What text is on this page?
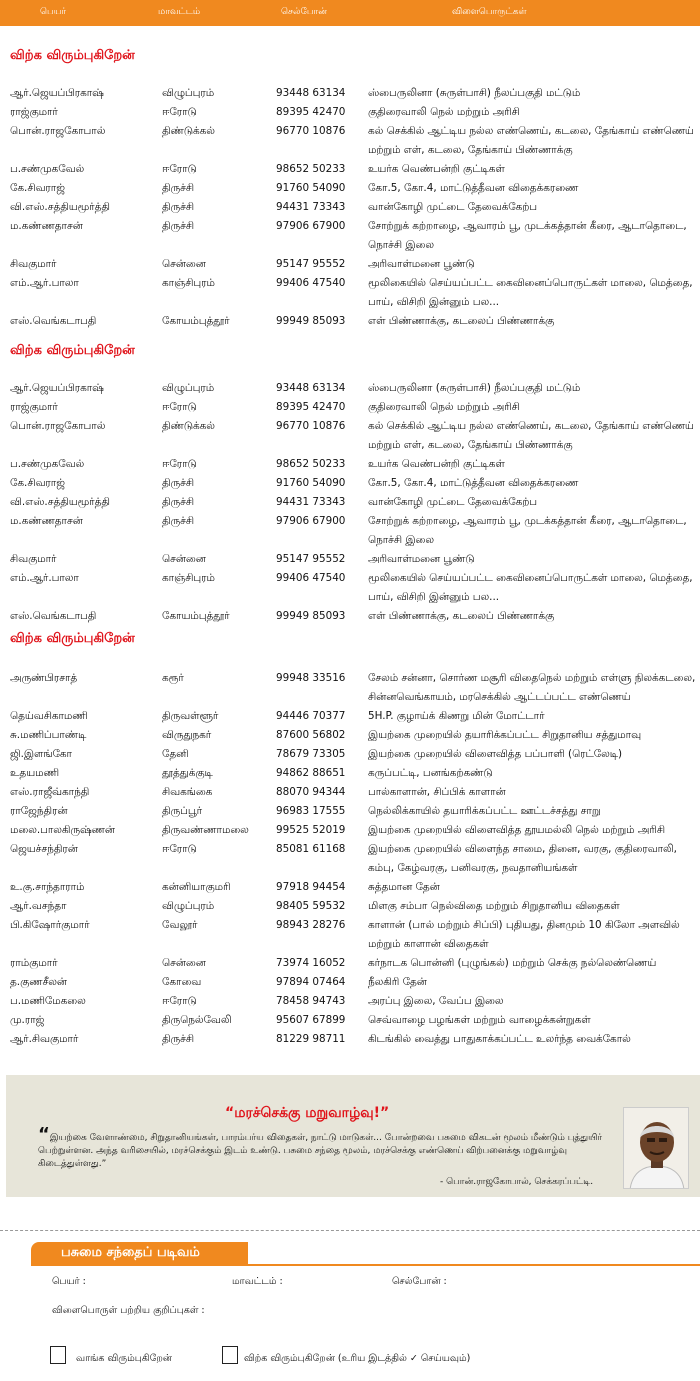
பெயர்	மாவட்டம்	செல்போன்	விளைபொருட்கள்
விற்க விரும்புகிறேன்
ஆர்.ஜெயப்பிரகாஷ்	விழுப்புரம்	93448 63134 ஸ்பைருலினா (சுருள்பாசி) நீலப்பகுதி மட்டும்
ராஜ்குமார்	ஈரோடு	89395 42470 குதிரைவாலி நெல் மற்றும் அரிசி
பொன்.ராஜகோபால்	திண்டுக்கல்	96770 10876 கல் செக்கில் ஆட்டிய நல்ல எண்ணெய், கடலை, தேங்காய் எண்ணெய் மற்றும் எள், கடலை, தேங்காய் பிண்ணாக்கு
ப.சண்முகவேல்	ஈரோடு	98652 50233 உயர்க வெண்பன்றி குட்டிகள்
கே.சிவராஜ்	திருச்சி	91760 54090 கோ.5, கோ.4, மாட்டுத்தீவன விதைக்கரணை
வி.எஸ்.சத்தியமூர்த்தி	திருச்சி	94431 73343 வான்கோழி முட்டை தேவைக்கேற்ப
ம.கண்ணதாசன்	திருச்சி	97906 67900 சோற்றுக் கற்றாழை, ஆவாரம் பூ, முடக்கத்தான் கீரை, ஆடாதொடை, நொச்சி இலை
சிவகுமார்	சென்னை	95147 95552 அரிவாள்மனை பூண்டு
எம்.ஆர்.பாலா	காஞ்சிபுரம்	99406 47540 மூலிகையில் செய்யப்பட்ட கைவினைப்பொருட்கள் மாலை, மெத்தை, பாய், விசிறி இன்னும் பல...
எஸ்.வெங்கடாபதி	கோயம்புத்தூர்	99949 85093 எள் பிண்ணாக்கு, கடலைப் பிண்ணாக்கு
விற்க விரும்புகிறேன்
ஆர்.ஜெயப்பிரகாஷ்	விழுப்புரம்	93448 63134 ஸ்பைருலினா (சுருள்பாசி) நீலப்பகுதி மட்டும்
ராஜ்குமார்	ஈரோடு	89395 42470 குதிரைவாலி நெல் மற்றும் அரிசி
பொன்.ராஜகோபால்	திண்டுக்கல்	96770 10876 கல் செக்கில் ஆட்டிய நல்ல எண்ணெய், கடலை, தேங்காய் எண்ணெய் மற்றும் எள், கடலை, தேங்காய் பிண்ணாக்கு
ப.சண்முகவேல்	ஈரோடு	98652 50233 உயர்க வெண்பன்றி குட்டிகள்
கே.சிவராஜ்	திருச்சி	91760 54090 கோ.5, கோ.4, மாட்டுத்தீவன விதைக்கரணை
வி.எஸ்.சத்தியமூர்த்தி	திருச்சி	94431 73343 வான்கோழி முட்டை தேவைக்கேற்ப
ம.கண்ணதாசன்	திருச்சி	97906 67900 சோற்றுக் கற்றாழை, ஆவாரம் பூ, முடக்கத்தான் கீரை, ஆடாதொடை, நொச்சி இலை
சிவகுமார்	சென்னை	95147 95552 அரிவாள்மனை பூண்டு
எம்.ஆர்.பாலா	காஞ்சிபுரம்	99406 47540 மூலிகையில் செய்யப்பட்ட கைவினைப்பொருட்கள் மாலை, மெத்தை, பாய், விசிறி இன்னும் பல...
எஸ்.வெங்கடாபதி	கோயம்புத்தூர்	99949 85093 எள் பிண்ணாக்கு, கடலைப் பிண்ணாக்கு
விற்க விரும்புகிறேன்
அருண்பிரசாத்	கரூர்	99948 33516 சேலம் சன்னா, சொர்ண மசூரி விதைநெல் மற்றும் எள்ளு நிலக்கடலை, சின்னவெங்காயம், மரசெக்கில் ஆட்டப்பட்ட எண்ணெய்
தெய்வசிகாமணி	திருவள்ளூர்	94446 70377 5H.P. குழாய்க் கிணறு மின் மோட்டார்
சு.மணிப்பாண்டி	விருதுநகர்	87600 56802 இயற்கை முறையில் தயாரிக்கப்பட்ட சிறுதானிய சத்துமாவு
ஜி.இளங்கோ	தேனி	78679 73305 இயற்கை முறையில் விளைவித்த பப்பாளி (ரெட்லேடி)
உதயமணி	தூத்துக்குடி	94862 88651 கருப்பட்டி, பனங்கற்கண்டு
எஸ்.ராஜீவ்காந்தி	சிவகங்கை	88070 94344 பால்காளான், சிப்பிக் காளான்
ராஜேந்திரன்	திருப்பூர்	96983 17555 நெல்லிக்காயில் தயாரிக்கப்பட்ட ஊட்டச்சத்து சாறு
மலை.பாலகிருஷ்ணன்	திருவண்ணாமலை	99525 52019 இயற்கை முறையில் விளைவித்த தூயமல்லி நெல் மற்றும் அரிசி
ஜெயச்சந்திரன்	ஈரோடு	85081 61168 இயற்கை முறையில் விளைந்த சாமை, தினை, வரகு, குதிரைவாலி, கம்பு, கேழ்வரகு, பனிவரகு, நவதானியங்கள்
உ.கு.சாந்தாராம்	கன்னியாகுமரி	97918 94454 சுத்தமான தேன்
ஆர்.வசந்தா	விழுப்புரம்	98405 59532 மிளகு சம்பா நெல்விதை மற்றும் சிறுதானிய விதைகள்
பி.கிஷோர்குமார்	வேலூர்	98943 28276 காளான் (பால் மற்றும் சிப்பி) புதியது, தினமும் 10 கிலோ அளவில் மற்றும் காளான் விதைகள்
ராம்குமார்	சென்னை	73974 16052 கர்நாடக பொன்னி (புழுங்கல்) மற்றும் செக்கு நல்லெண்ணெய்
த.குணசீலன்	கோவை	97894 07464 நீலகிரி தேன்
ப.மணிமேகலை	ஈரோடு	78458 94743 அரப்பு இலை, வேப்ப இலை
மு.ராஜ்	திருநெல்வேலி	95607 67899 செவ்வாழை பழங்கள் மற்றும் வாழைக்கன்றுகள்
ஆர்.சிவகுமார்	திருச்சி	81229 98711 கிடங்கில் வைத்து பாதுகாக்கப்பட்ட உலர்ந்த வைக்கோல்
“மரச்செக்கு மறுவாழ்வு!”
“இயற்கை வேளாண்மை, சிறுதானியங்கள், பாரம்பர்ய விதைகள், நாட்டு மாடுகள்... போன்றவை பசுமை விகடன் மூலம் மீண்டும் புத்துயிர் பெற்றுள்ளன. அந்த வரிசையில், மரச்செக்கும் இடம் உண்டு. பசுமை சந்தை மூலம், மரச்செக்கு எண்ணெய் விற்பனைக்கு மறுவாழ்வு கிடைத்துள்ளது.”
- பொன்.ராஜகோபால், செக்கரப்பட்டி.
பசுமை சந்தைப் படிவம்
பெயர் :	மாவட்டம் :	செல்போன் :
விளைபொருள் பற்றிய குறிப்புகள் :
வாங்க விரும்புகிறேன்	விற்க விரும்புகிறேன் (உரிய இடத்தில் ✓ செய்யவும்)
